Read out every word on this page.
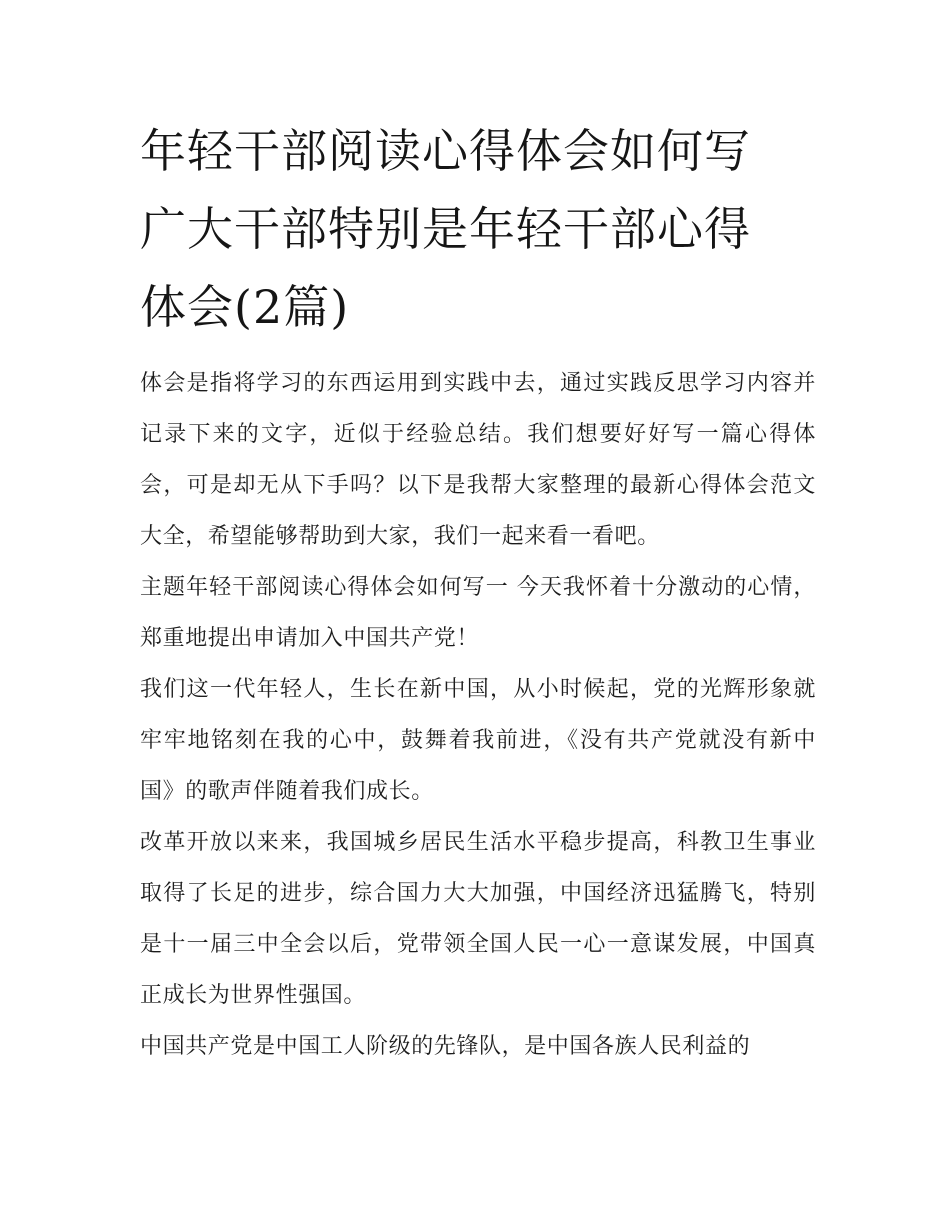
年轻干部阅读心得体会如何写
广大干部特别是年轻干部心得
体会(2篇)

体会是指将学习的东西运用到实践中去，通过实践反思学习内容并记录下来的文字，近似于经验总结。我们想要好好写一篇心得体会，可是却无从下手吗？以下是我帮大家整理的最新心得体会范文大全，希望能够帮助到大家，我们一起来看一看吧。

主题年轻干部阅读心得体会如何写一 今天我怀着十分激动的心情，郑重地提出申请加入中国共产党！

我们这一代年轻人，生长在新中国，从小时候起，党的光辉形象就牢牢地铭刻在我的心中，鼓舞着我前进，《没有共产党就没有新中国》的歌声伴随着我们成长。

改革开放以来来，我国城乡居民生活水平稳步提高，科教卫生事业取得了长足的进步，综合国力大大加强，中国经济迅猛腾飞，特别是十一届三中全会以后，党带领全国人民一心一意谋发展，中国真正成长为世界性强国。

中国共产党是中国工人阶级的先锋队，是中国各族人民利益的
